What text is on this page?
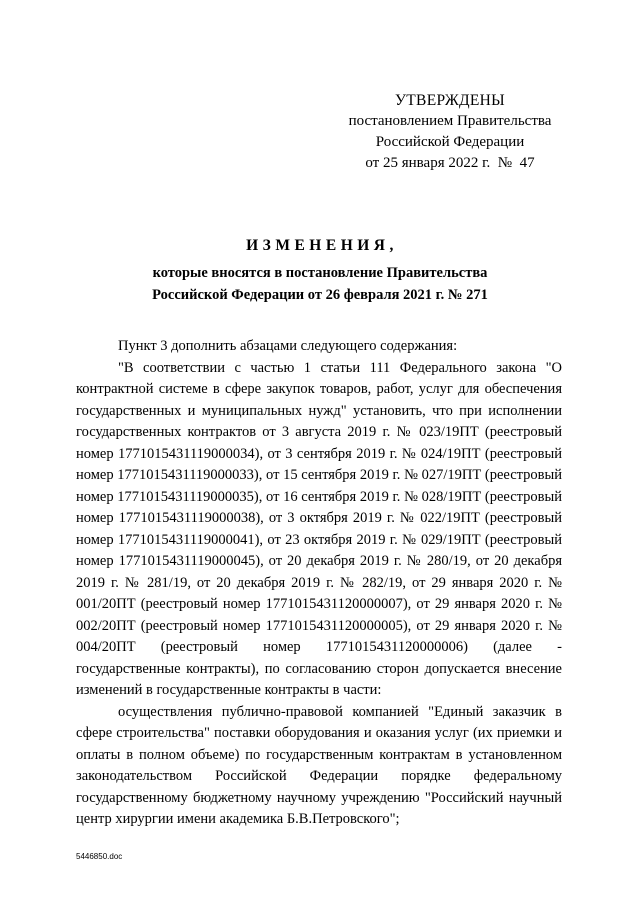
УТВЕРЖДЕНЫ
постановлением Правительства
Российской Федерации
от 25 января 2022 г.  №  47
ИЗМЕНЕНИЯ,
которые вносятся в постановление Правительства
Российской Федерации от 26 февраля 2021 г. № 271

Пункт 3 дополнить абзацами следующего содержания:

"В соответствии с частью 1 статьи 111 Федерального закона "О контрактной системе в сфере закупок товаров, работ, услуг для обеспечения государственных и муниципальных нужд" установить, что при исполнении государственных контрактов от 3 августа 2019 г. № 023/19ПТ (реестровый номер 1771015431119000034), от 3 сентября 2019 г. № 024/19ПТ (реестровый номер 1771015431119000033), от 15 сентября 2019 г. № 027/19ПТ (реестровый номер 1771015431119000035), от 16 сентября 2019 г. № 028/19ПТ (реестровый номер 1771015431119000038), от 3 октября 2019 г. № 022/19ПТ (реестровый номер 1771015431119000041), от 23 октября 2019 г. № 029/19ПТ (реестровый номер 1771015431119000045), от 20 декабря 2019 г. № 280/19, от 20 декабря 2019 г. № 281/19, от 20 декабря 2019 г. № 282/19, от 29 января 2020 г. № 001/20ПТ (реестровый номер 1771015431120000007), от 29 января 2020 г. № 002/20ПТ (реестровый номер 1771015431120000005), от 29 января 2020 г. № 004/20ПТ (реестровый номер 1771015431120000006) (далее - государственные контракты), по согласованию сторон допускается внесение изменений в государственные контракты в части:

осуществления публично-правовой компанией "Единый заказчик в сфере строительства" поставки оборудования и оказания услуг (их приемки и оплаты в полном объеме) по государственным контрактам в установленном законодательством Российской Федерации порядке федеральному государственному бюджетному научному учреждению "Российский научный центр хирургии имени академика Б.В.Петровского";

5446850.doc
